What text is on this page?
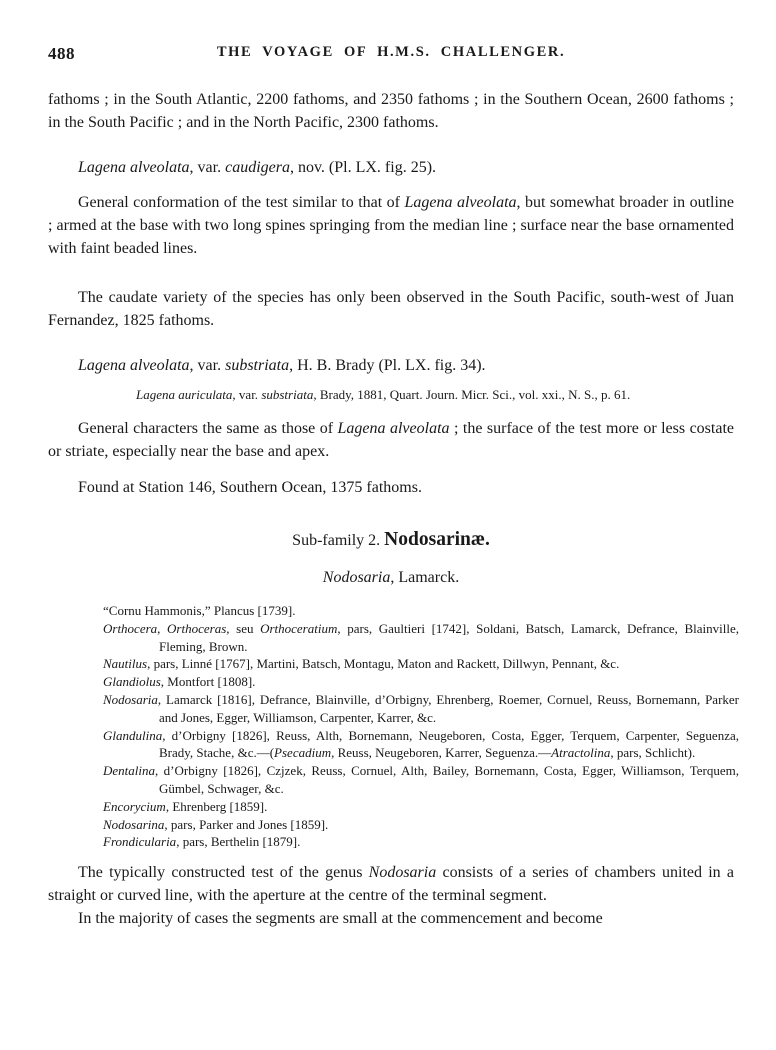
488	THE VOYAGE OF H.M.S. CHALLENGER.

fathoms ; in the South Atlantic, 2200 fathoms, and 2350 fathoms ; in the Southern Ocean, 2600 fathoms ; in the South Pacific ; and in the North Pacific, 2300 fathoms.

Lagena alveolata, var. caudigera, nov. (Pl. LX. fig. 25).

General conformation of the test similar to that of Lagena alveolata, but somewhat broader in outline ; armed at the base with two long spines springing from the median line ; surface near the base ornamented with faint beaded lines.

The caudate variety of the species has only been observed in the South Pacific, south-west of Juan Fernandez, 1825 fathoms.

Lagena alveolata, var. substriata, H. B. Brady (Pl. LX. fig. 34).

Lagena auriculata, var. substriata, Brady, 1881, Quart. Journ. Micr. Sci., vol. xxi., N. S., p. 61.

General characters the same as those of Lagena alveolata ; the surface of the test more or less costate or striate, especially near the base and apex.

Found at Station 146, Southern Ocean, 1375 fathoms.

Sub-family 2. Nodosarinæ.
Nodosaria, Lamarck.
“Cornu Hammonis,” Plancus [1739].
Orthocera, Orthoceras, seu Orthoceratium, pars, Gaultieri [1742], Soldani, Batsch, Lamarck, Defrance, Blainville, Fleming, Brown.
Nautilus, pars, Linné [1767], Martini, Batsch, Montagu, Maton and Rackett, Dillwyn, Pennant, &c.
Glandiolus, Montfort [1808].
Nodosaria, Lamarck [1816], Defrance, Blainville, d’Orbigny, Ehrenberg, Roemer, Cornuel, Reuss, Bornemann, Parker and Jones, Egger, Williamson, Carpenter, Karrer, &c.
Glandulina, d’Orbigny [1826], Reuss, Alth, Bornemann, Neugeboren, Costa, Egger, Terquem, Carpenter, Seguenza, Brady, Stache, &c.—(Psecadium, Reuss, Neugeboren, Karrer, Seguenza.—Atractolina, pars, Schlicht).
Dentalina, d’Orbigny [1826], Czjzek, Reuss, Cornuel, Alth, Bailey, Bornemann, Costa, Egger, Williamson, Terquem, Gümbel, Schwager, &c.
Encorycium, Ehrenberg [1859].
Nodosarina, pars, Parker and Jones [1859].
Frondicularia, pars, Berthelin [1879].

The typically constructed test of the genus Nodosaria consists of a series of chambers united in a straight or curved line, with the aperture at the centre of the terminal segment.

In the majority of cases the segments are small at the commencement and become
